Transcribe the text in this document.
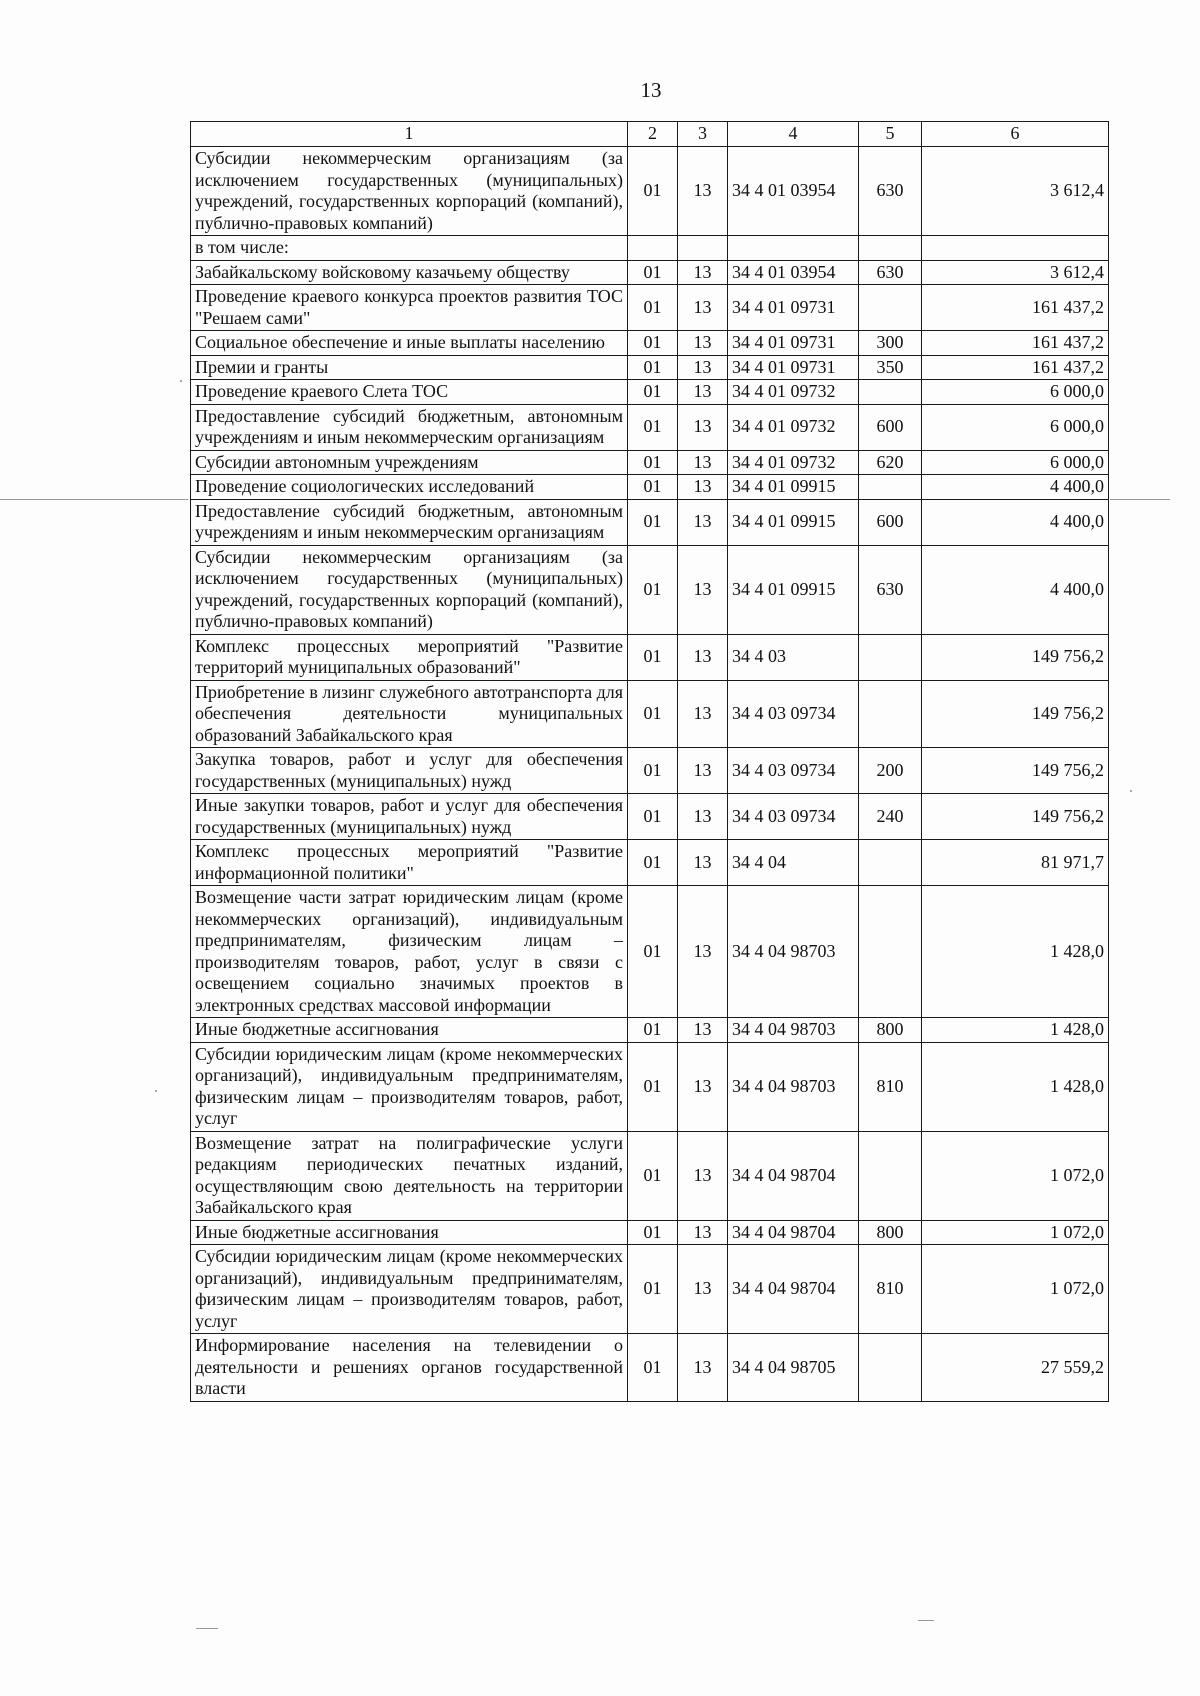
13
1	2	3	4	5	6
Субсидии некоммерческим организациям (за исключением государственных (муниципальных) учреждений, государственных корпораций (компаний), публично-правовых компаний)	01	13	34 4 01 03954	630	3 612,4
в том числе:					
Забайкальскому войсковому казачьему обществу	01	13	34 4 01 03954	630	3 612,4
Проведение краевого конкурса проектов развития ТОС "Решаем сами"	01	13	34 4 01 09731		161 437,2
Социальное обеспечение и иные выплаты населению	01	13	34 4 01 09731	300	161 437,2
Премии и гранты	01	13	34 4 01 09731	350	161 437,2
Проведение краевого Слета ТОС	01	13	34 4 01 09732		6 000,0
Предоставление субсидий бюджетным, автономным учреждениям и иным некоммерческим организациям	01	13	34 4 01 09732	600	6 000,0
Субсидии автономным учреждениям	01	13	34 4 01 09732	620	6 000,0
Проведение социологических исследований	01	13	34 4 01 09915		4 400,0
Предоставление субсидий бюджетным, автономным учреждениям и иным некоммерческим организациям	01	13	34 4 01 09915	600	4 400,0
Субсидии некоммерческим организациям (за исключением государственных (муниципальных) учреждений, государственных корпораций (компаний), публично-правовых компаний)	01	13	34 4 01 09915	630	4 400,0
Комплекс процессных мероприятий "Развитие территорий муниципальных образований"	01	13	34 4 03		149 756,2
Приобретение в лизинг служебного автотранспорта для обеспечения деятельности муниципальных образований Забайкальского края	01	13	34 4 03 09734		149 756,2
Закупка товаров, работ и услуг для обеспечения государственных (муниципальных) нужд	01	13	34 4 03 09734	200	149 756,2
Иные закупки товаров, работ и услуг для обеспечения государственных (муниципальных) нужд	01	13	34 4 03 09734	240	149 756,2
Комплекс процессных мероприятий "Развитие информационной политики"	01	13	34 4 04		81 971,7
Возмещение части затрат юридическим лицам (кроме некоммерческих организаций), индивидуальным предпринимателям, физическим лицам – производителям товаров, работ, услуг в связи с освещением социально значимых проектов в электронных средствах массовой информации	01	13	34 4 04 98703		1 428,0
Иные бюджетные ассигнования	01	13	34 4 04 98703	800	1 428,0
Субсидии юридическим лицам (кроме некоммерческих организаций), индивидуальным предпринимателям, физическим лицам – производителям товаров, работ, услуг	01	13	34 4 04 98703	810	1 428,0
Возмещение затрат на полиграфические услуги редакциям периодических печатных изданий, осуществляющим свою деятельность на территории Забайкальского края	01	13	34 4 04 98704		1 072,0
Иные бюджетные ассигнования	01	13	34 4 04 98704	800	1 072,0
Субсидии юридическим лицам (кроме некоммерческих организаций), индивидуальным предпринимателям, физическим лицам – производителям товаров, работ, услуг	01	13	34 4 04 98704	810	1 072,0
Информирование населения на телевидении о деятельности и решениях органов государственной власти	01	13	34 4 04 98705		27 559,2
